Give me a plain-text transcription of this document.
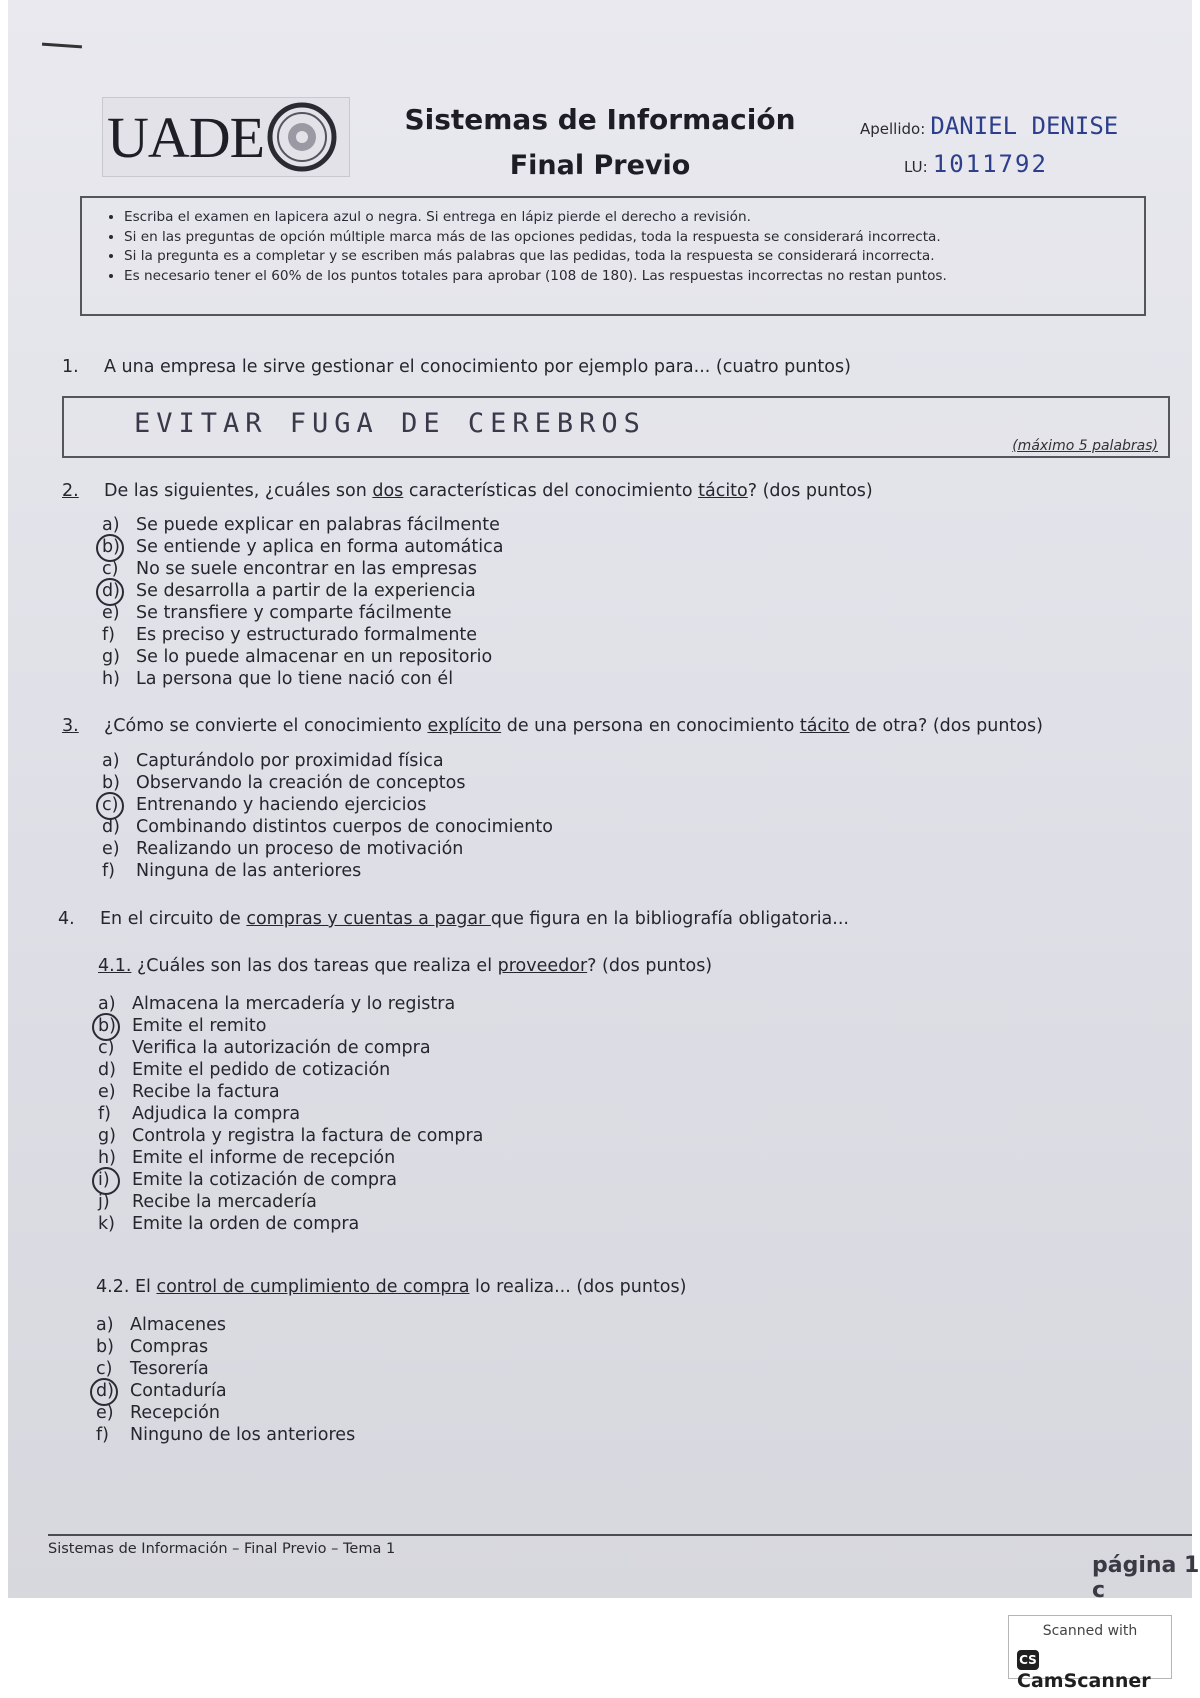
UADE	Sistemas de Información
Final Previo
Apellido: DANIEL DENISE
LU: 1011792
• Escriba el examen en lapicera azul o negra. Si entrega en lápiz pierde el derecho a revisión.
• Si en las preguntas de opción múltiple marca más de las opciones pedidas, toda la respuesta se considerará incorrecta.
• Si la pregunta es a completar y se escriben más palabras que las pedidas, toda la respuesta se considerará incorrecta.
• Es necesario tener el 60% de los puntos totales para aprobar (108 de 180). Las respuestas incorrectas no restan puntos.
1. A una empresa le sirve gestionar el conocimiento por ejemplo para... (cuatro puntos)
EVITAR FUGA DE CEREBROS
(máximo 5 palabras)
2. De las siguientes, ¿cuáles son dos características del conocimiento tácito? (dos puntos)
a) Se puede explicar en palabras fácilmente
b) Se entiende y aplica en forma automática
c) No se suele encontrar en las empresas
d) Se desarrolla a partir de la experiencia
e) Se transfiere y comparte fácilmente
f) Es preciso y estructurado formalmente
g) Se lo puede almacenar en un repositorio
h) La persona que lo tiene nació con él
3. ¿Cómo se convierte el conocimiento explícito de una persona en conocimiento tácito de otra? (dos puntos)
a) Capturándolo por proximidad física
b) Observando la creación de conceptos
c) Entrenando y haciendo ejercicios
d) Combinando distintos cuerpos de conocimiento
e) Realizando un proceso de motivación
f) Ninguna de las anteriores
4. En el circuito de compras y cuentas a pagar que figura en la bibliografía obligatoria...
4.1. ¿Cuáles son las dos tareas que realiza el proveedor? (dos puntos)
a) Almacena la mercadería y lo registra
b) Emite el remito
c) Verifica la autorización de compra
d) Emite el pedido de cotización
e) Recibe la factura
f) Adjudica la compra
g) Controla y registra la factura de compra
h) Emite el informe de recepción
i) Emite la cotización de compra
j) Recibe la mercadería
k) Emite la orden de compra
4.2. El control de cumplimiento de compra lo realiza... (dos puntos)
a) Almacenes
b) Compras
c) Tesorería
d) Contaduría
e) Recepción
f) Ninguno de los anteriores
Sistemas de Información – Final Previo – Tema 1
página 1 c
Scanned with
CSCamScanner
